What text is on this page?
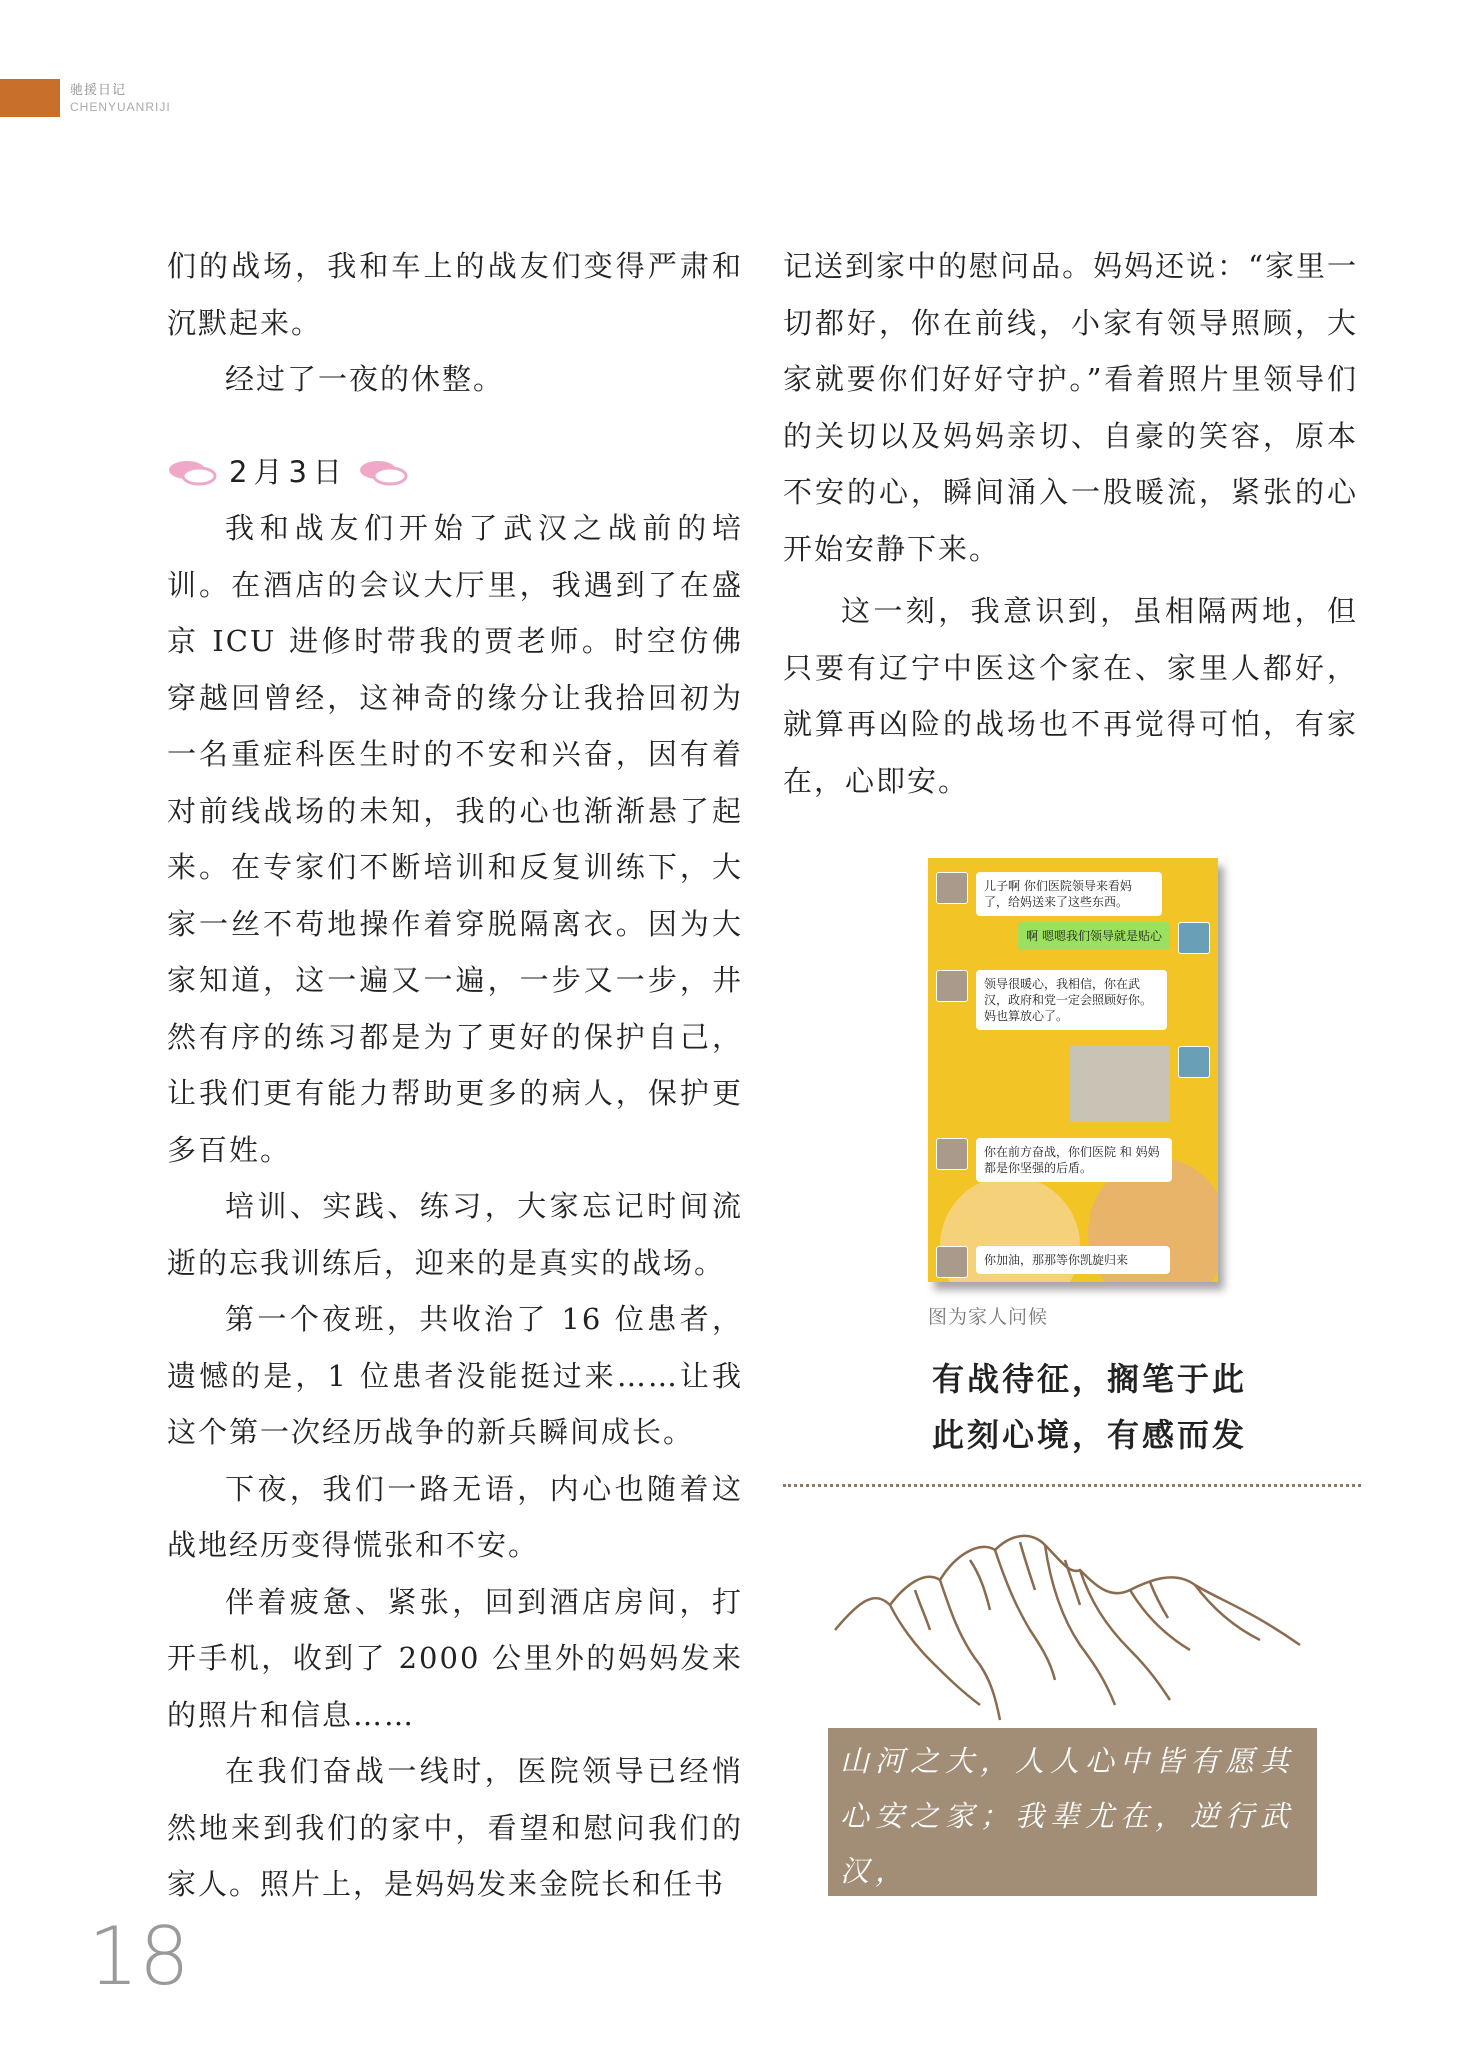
驰援日记
CHENYUANRIJI

们的战场，我和车上的战友们变得严肃和沉默起来。

经过了一夜的休整。

2月3日

我和战友们开始了武汉之战前的培训。在酒店的会议大厅里，我遇到了在盛京 ICU 进修时带我的贾老师。时空仿佛穿越回曾经，这神奇的缘分让我拾回初为一名重症科医生时的不安和兴奋，因有着对前线战场的未知，我的心也渐渐悬了起来。在专家们不断培训和反复训练下，大家一丝不苟地操作着穿脱隔离衣。因为大家知道，这一遍又一遍，一步又一步，井然有序的练习都是为了更好的保护自己，让我们更有能力帮助更多的病人，保护更多百姓。

培训、实践、练习，大家忘记时间流逝的忘我训练后，迎来的是真实的战场。

第一个夜班，共收治了 16 位患者，遗憾的是，1 位患者没能挺过来……让我这个第一次经历战争的新兵瞬间成长。

下夜，我们一路无语，内心也随着这战地经历变得慌张和不安。

伴着疲惫、紧张，回到酒店房间，打开手机，收到了 2000 公里外的妈妈发来的照片和信息……

在我们奋战一线时，医院领导已经悄然地来到我们的家中，看望和慰问我们的家人。照片上，是妈妈发来金院长和任书

记送到家中的慰问品。妈妈还说：“家里一切都好，你在前线，小家有领导照顾，大家就要你们好好守护。”看着照片里领导们的关切以及妈妈亲切、自豪的笑容，原本不安的心，瞬间涌入一股暖流，紧张的心开始安静下来。

这一刻，我意识到，虽相隔两地，但只要有辽宁中医这个家在、家里人都好，就算再凶险的战场也不再觉得可怕，有家在，心即安。

儿子啊 你们医院领导来看妈了，给妈送来了这些东西。
啊 嗯嗯我们领导就是贴心
领导很暖心，我相信，你在武汉，政府和党一定会照顾好你。妈也算放心了。
你在前方奋战，你们医院 和 妈妈都是你坚强的后盾。
你加油，那那等你凯旋归来
图为家人问候
有战待征，搁笔于此
此刻心境，有感而发

山河之大，人人心中皆有愿其

心安之家；我辈尤在，逆行武汉，

向难而战，唯愿天下平安矣。

18
